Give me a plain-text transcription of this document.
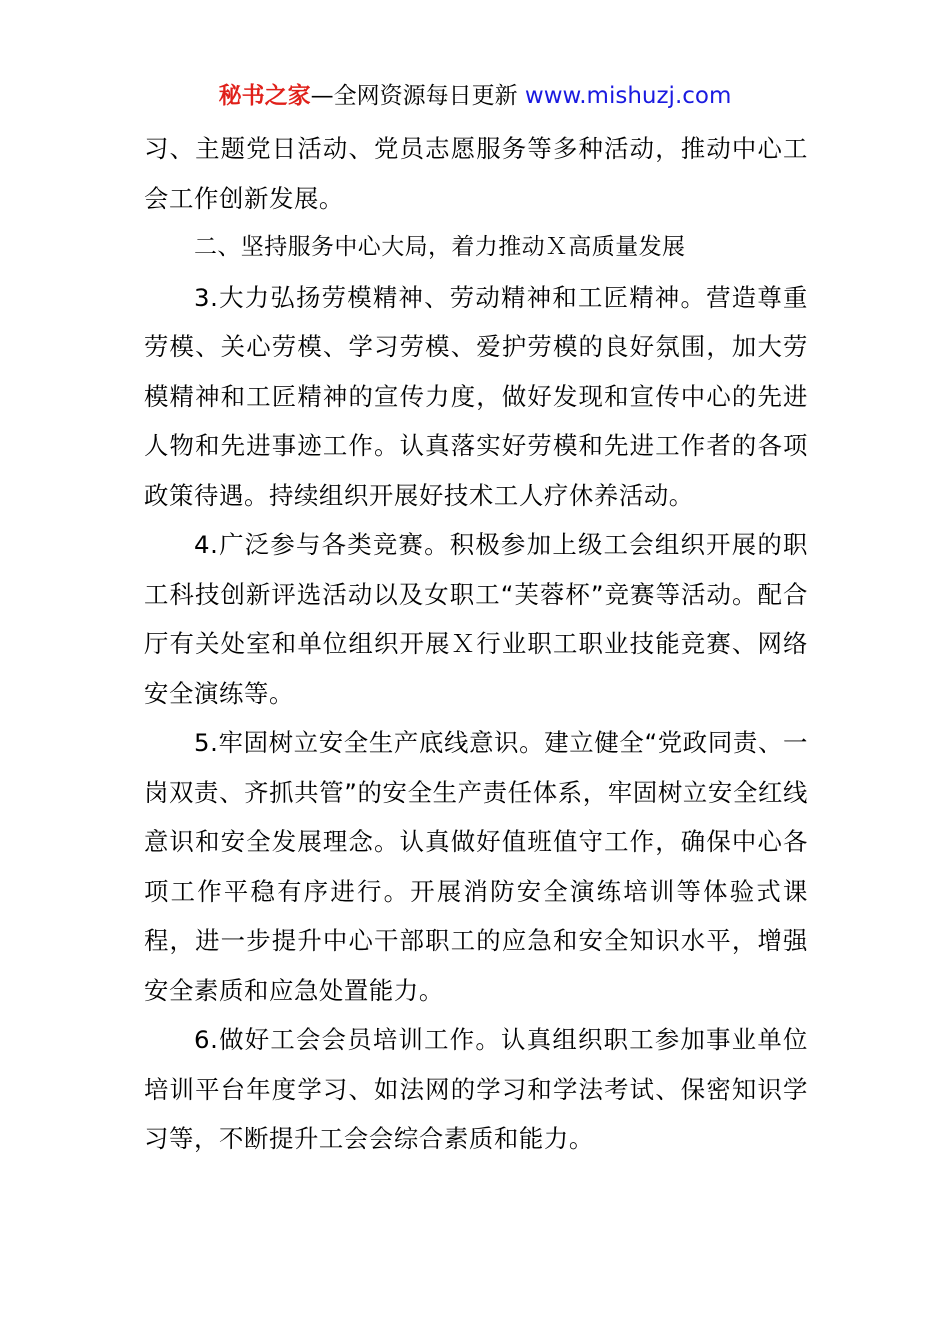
秘书之家—全网资源每日更新 www.mishuzj.com

习、主题党日活动、党员志愿服务等多种活动，推动中心工会工作创新发展。

二、坚持服务中心大局，着力推动Ｘ高质量发展

3.大力弘扬劳模精神、劳动精神和工匠精神。营造尊重劳模、关心劳模、学习劳模、爱护劳模的良好氛围，加大劳模精神和工匠精神的宣传力度，做好发现和宣传中心的先进人物和先进事迹工作。认真落实好劳模和先进工作者的各项政策待遇。持续组织开展好技术工人疗休养活动。

4.广泛参与各类竞赛。积极参加上级工会组织开展的职工科技创新评选活动以及女职工“芙蓉杯”竞赛等活动。配合厅有关处室和单位组织开展Ｘ行业职工职业技能竞赛、网络安全演练等。

5.牢固树立安全生产底线意识。建立健全“党政同责、一岗双责、齐抓共管”的安全生产责任体系，牢固树立安全红线意识和安全发展理念。认真做好值班值守工作，确保中心各项工作平稳有序进行。开展消防安全演练培训等体验式课程，进一步提升中心干部职工的应急和安全知识水平，增强安全素质和应急处置能力。

6.做好工会会员培训工作。认真组织职工参加事业单位培训平台年度学习、如法网的学习和学法考试、保密知识学习等，不断提升工会会综合素质和能力。
